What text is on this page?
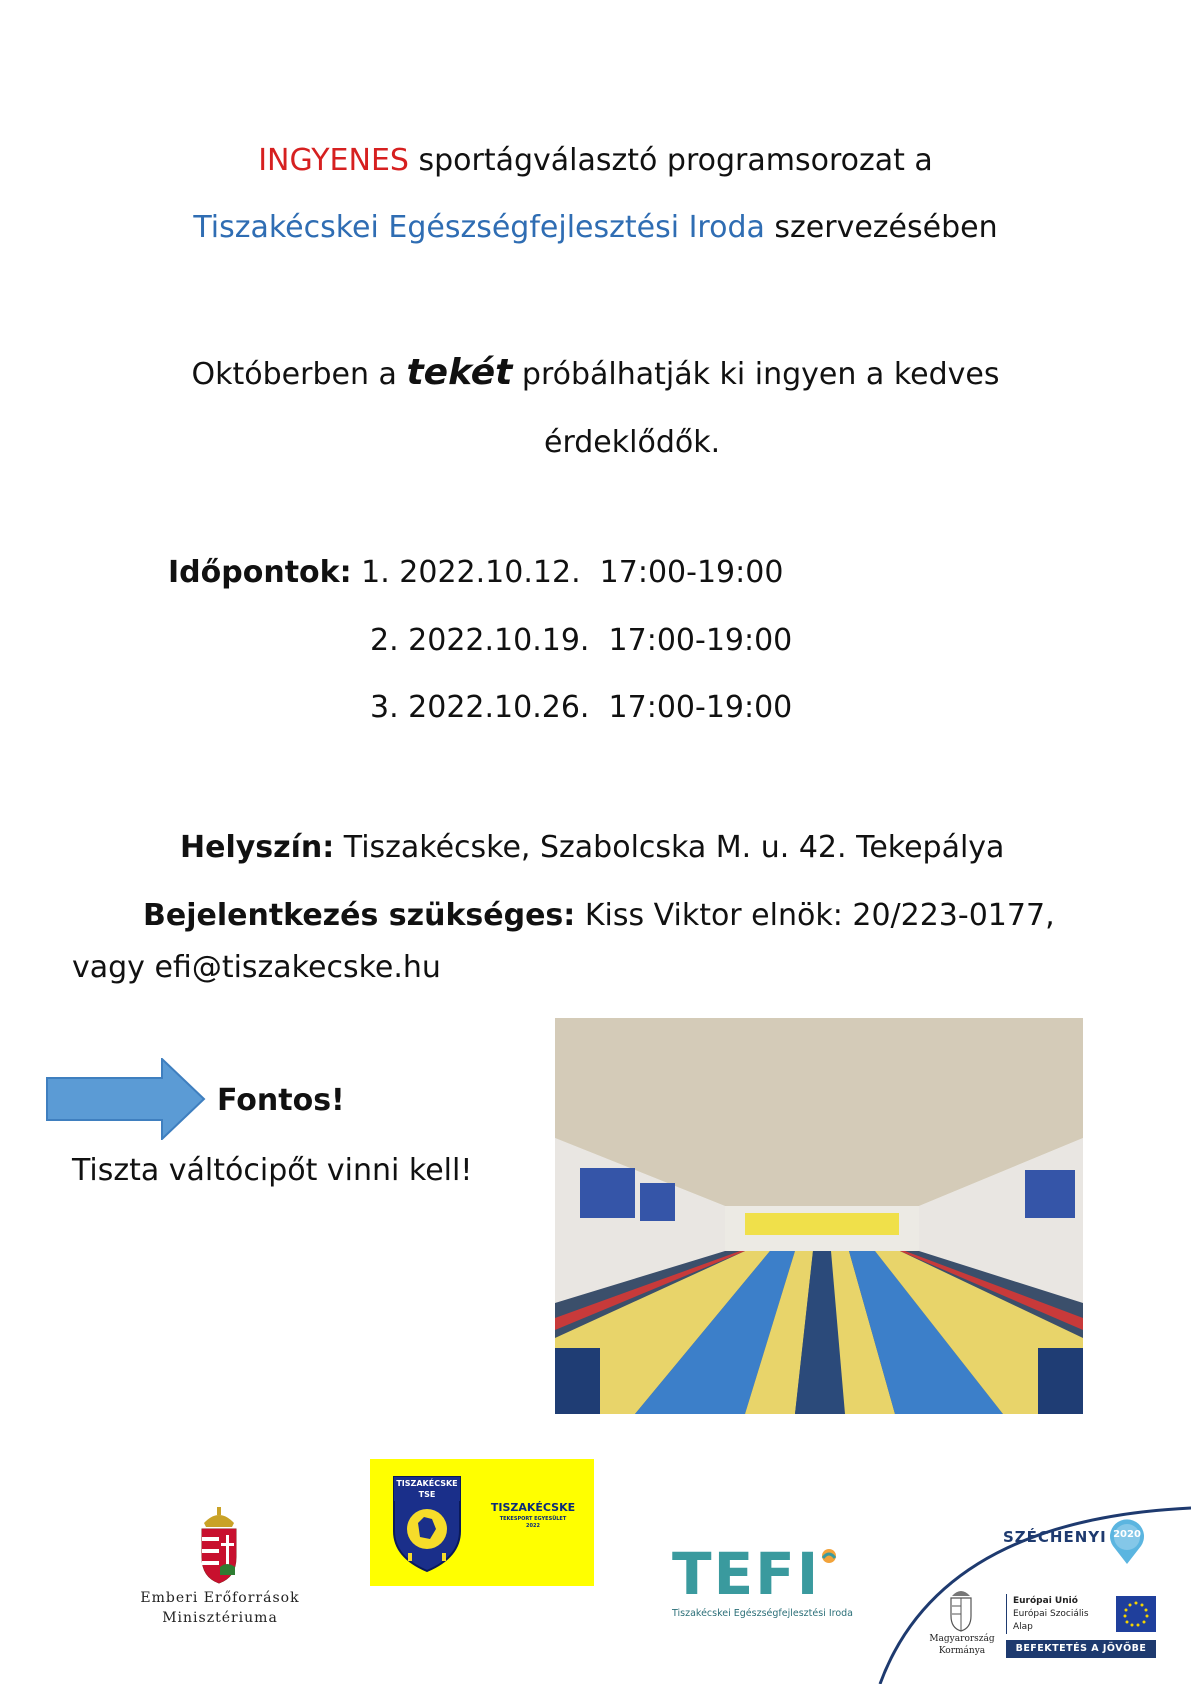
INGYENES sportágválasztó programsorozat a
Tiszakécskei Egészségfejlesztési Iroda szervezésében
Októberben a tekét próbálhatják ki ingyen a kedves
érdeklődők.
Időpontok: 1. 2022.10.12.  17:00-19:00
2. 2022.10.19.  17:00-19:00
3. 2022.10.26.  17:00-19:00
Helyszín: Tiszakécske, Szabolcska M. u. 42. Tekepálya
Bejelentkezés szükséges: Kiss Viktor elnök: 20/223-0177,
vagy efi@tiszakecske.hu
Fontos!
Tiszta váltócipőt vinni kell!
Emberi Erőforrások
Minisztériuma
TISZAKÉCSKE
TSE
TISZAKÉCSKE
TEKESPORT EGYESÜLET
2022
TEFI
Tiszakécskei Egészségfejlesztési Iroda
SZÉCHENYI 2020
Magyarország
Kormánya
Európai Unió
Európai Szociális
Alap
BEFEKTETÉS A JÖVŐBE
